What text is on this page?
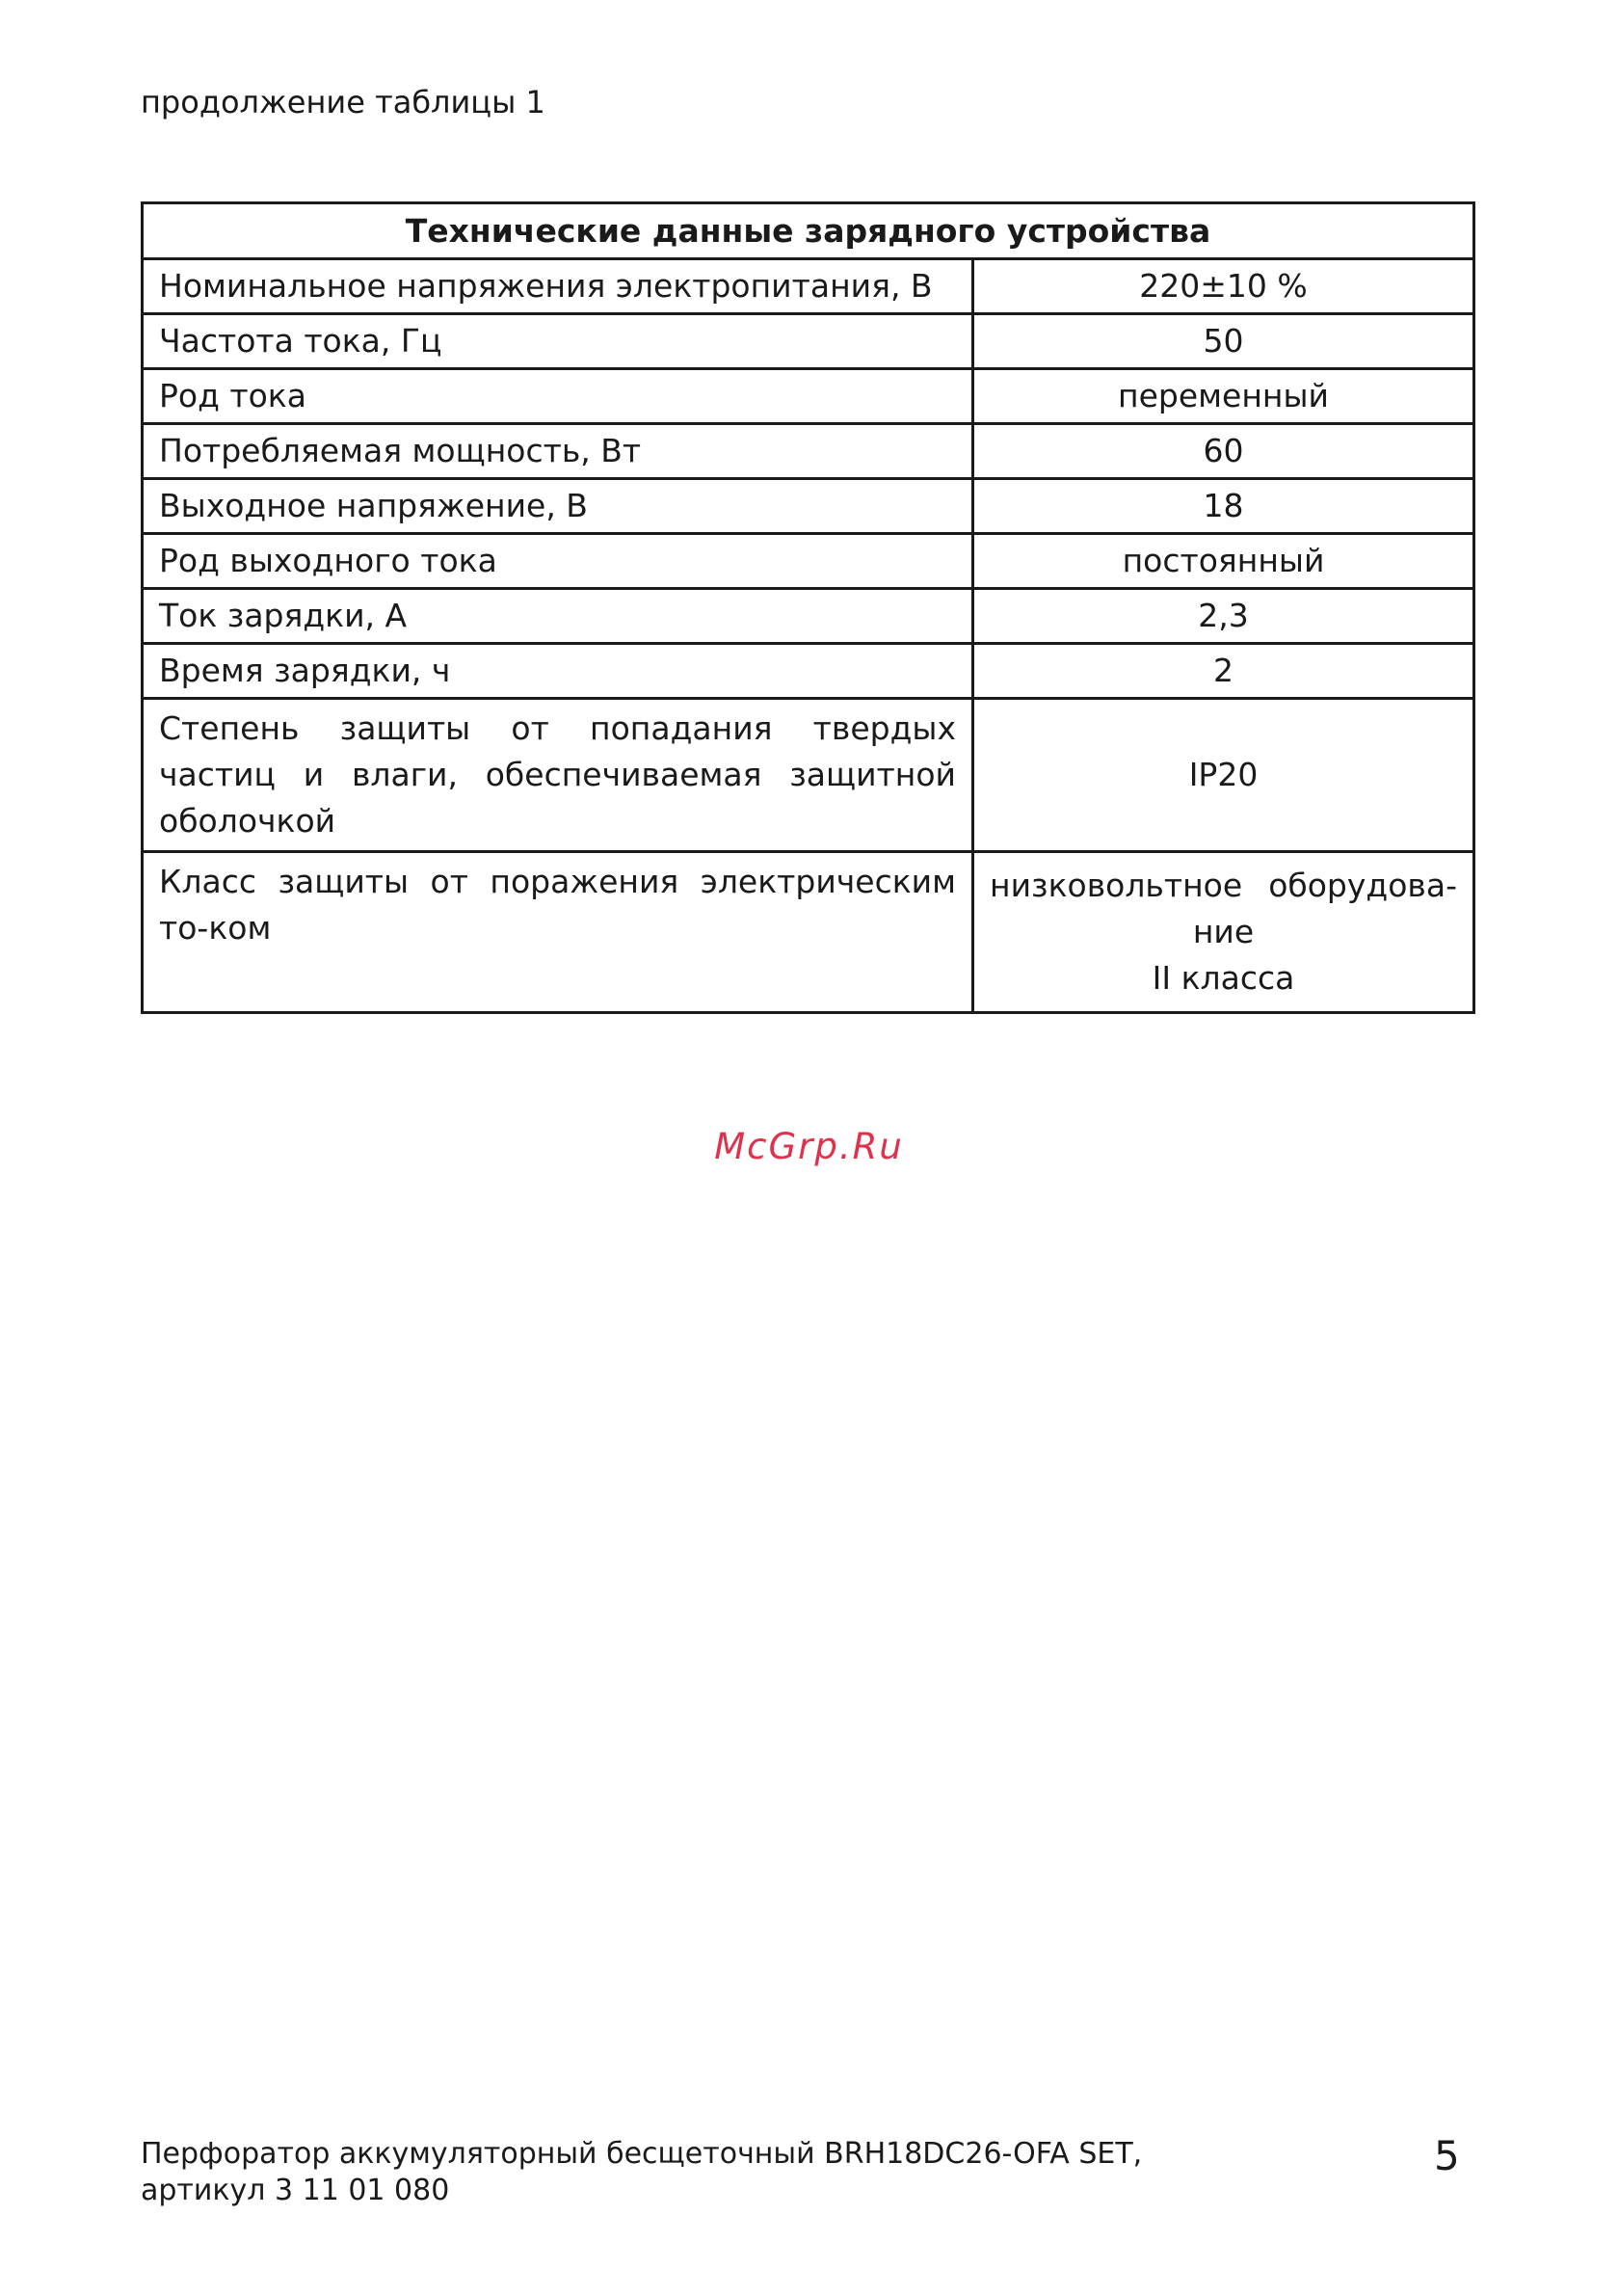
продолжение таблицы 1
Технические данные зарядного устройства	
Номинальное напряжения электропитания, В	220±10 %
Частота тока, Гц	50
Род тока	переменный
Потребляемая мощность, Вт	60
Выходное напряжение, В	18
Род выходного тока	постоянный
Ток зарядки, А	2,3
Время зарядки, ч	2
Степень защиты от попадания твердых частиц и влаги, обеспечиваемая защитной оболочкой	IP20
Класс защиты от поражения электрическим то-ком	низковольтное оборудова-
ние
II класса
McGrp.Ru
Перфоратор аккумуляторный бесщеточный BRH18DC26-OFA SET,
артикул 3 11 01 080
5
